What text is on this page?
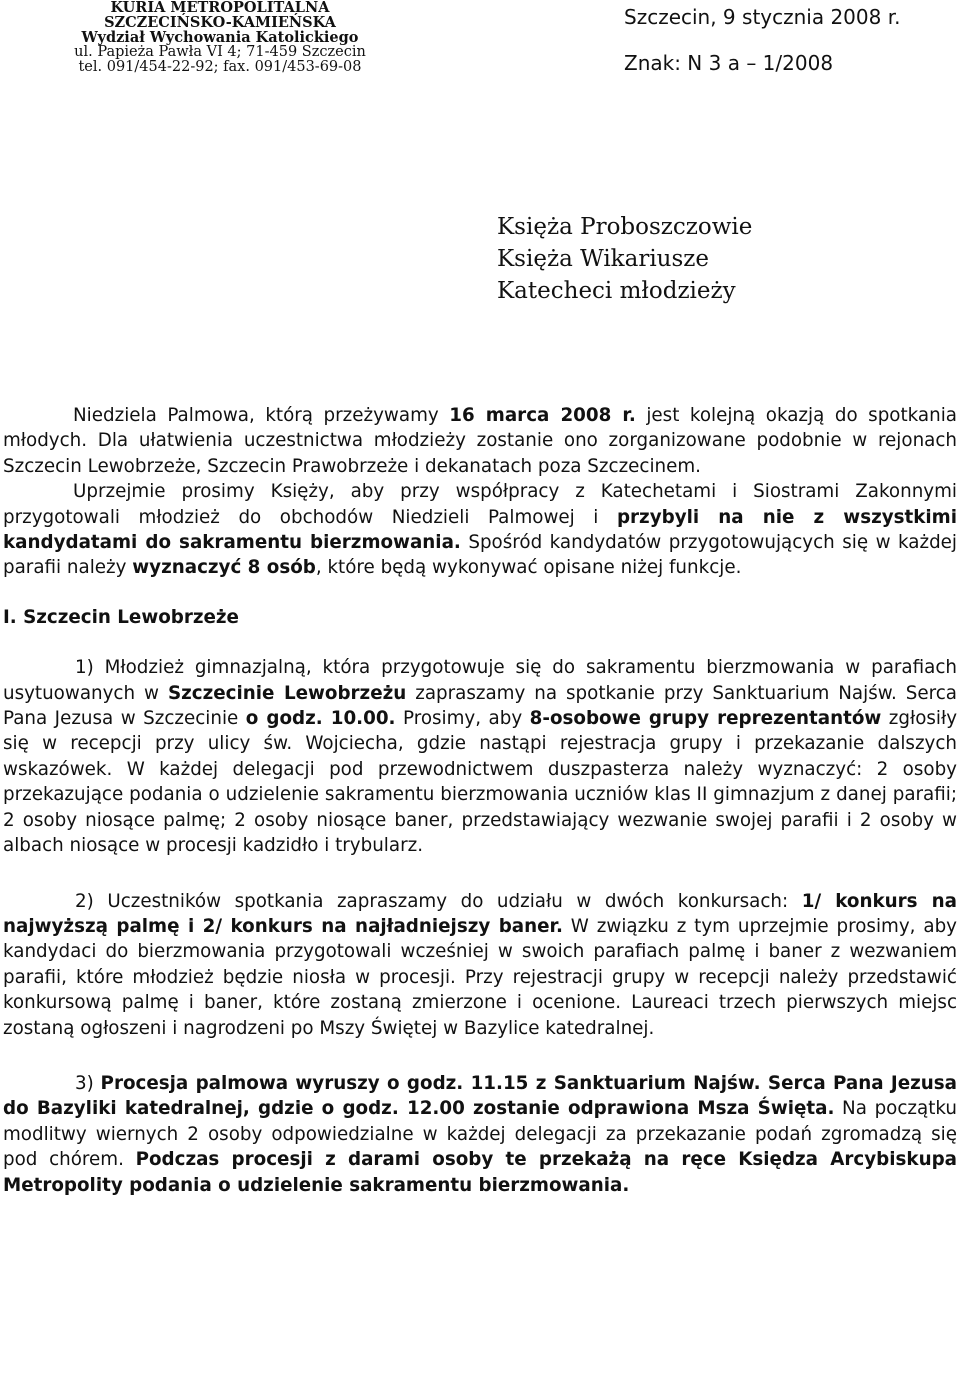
KURIA METROPOLITALNA
SZCZECIŃSKO-KAMIEŃSKA
Wydział Wychowania Katolickiego
ul. Papieża Pawła VI 4; 71-459 Szczecin
tel. 091/454-22-92; fax. 091/453-69-08
Szczecin, 9 stycznia 2008 r.
Znak: N 3 a – 1/2008
Księża Proboszczowie
Księża Wikariusze
Katecheci młodzieży

Niedziela Palmowa, którą przeżywamy 16 marca 2008 r. jest kolejną okazją do spotkania młodych. Dla ułatwienia uczestnictwa młodzieży zostanie ono zorganizowane podobnie w rejonach Szczecin Lewobrzeże, Szczecin Prawobrzeże i dekanatach poza Szczecinem.

Uprzejmie prosimy Księży, aby przy współpracy z Katechetami i Siostrami Zakonnymi przygotowali młodzież do obchodów Niedzieli Palmowej i przybyli na nie z wszystkimi kandydatami do sakramentu bierzmowania. Spośród kandydatów przygotowujących się w każdej parafii należy wyznaczyć 8 osób, które będą wykonywać opisane niżej funkcje.

I. Szczecin Lewobrzeże

1) Młodzież gimnazjalną, która przygotowuje się do sakramentu bierzmowania w parafiach usytuowanych w Szczecinie Lewobrzeżu zapraszamy na spotkanie przy Sanktuarium Najśw. Serca Pana Jezusa w Szczecinie o godz. 10.00. Prosimy, aby 8-osobowe grupy reprezentantów zgłosiły się w recepcji przy ulicy św. Wojciecha, gdzie nastąpi rejestracja grupy i przekazanie dalszych wskazówek. W każdej delegacji pod przewodnictwem duszpasterza należy wyznaczyć: 2 osoby przekazujące podania o udzielenie sakramentu bierzmowania uczniów klas II gimnazjum z danej parafii; 2 osoby niosące palmę; 2 osoby niosące baner, przedstawiający wezwanie swojej parafii i 2 osoby w albach niosące w procesji kadzidło i trybularz.

2) Uczestników spotkania zapraszamy do udziału w dwóch konkursach: 1/ konkurs na najwyższą palmę i 2/ konkurs na najładniejszy baner. W związku z tym uprzejmie prosimy, aby kandydaci do bierzmowania przygotowali wcześniej w swoich parafiach palmę i baner z wezwaniem parafii, które młodzież będzie niosła w procesji. Przy rejestracji grupy w recepcji należy przedstawić konkursową palmę i baner, które zostaną zmierzone i ocenione. Laureaci trzech pierwszych miejsc zostaną ogłoszeni i nagrodzeni po Mszy Świętej w Bazylice katedralnej.

3) Procesja palmowa wyruszy o godz. 11.15 z Sanktuarium Najśw. Serca Pana Jezusa do Bazyliki katedralnej, gdzie o godz. 12.00 zostanie odprawiona Msza Święta. Na początku modlitwy wiernych 2 osoby odpowiedzialne w każdej delegacji za przekazanie podań zgromadzą się pod chórem. Podczas procesji z darami osoby te przekażą na ręce Księdza Arcybiskupa Metropolity podania o udzielenie sakramentu bierzmowania.
